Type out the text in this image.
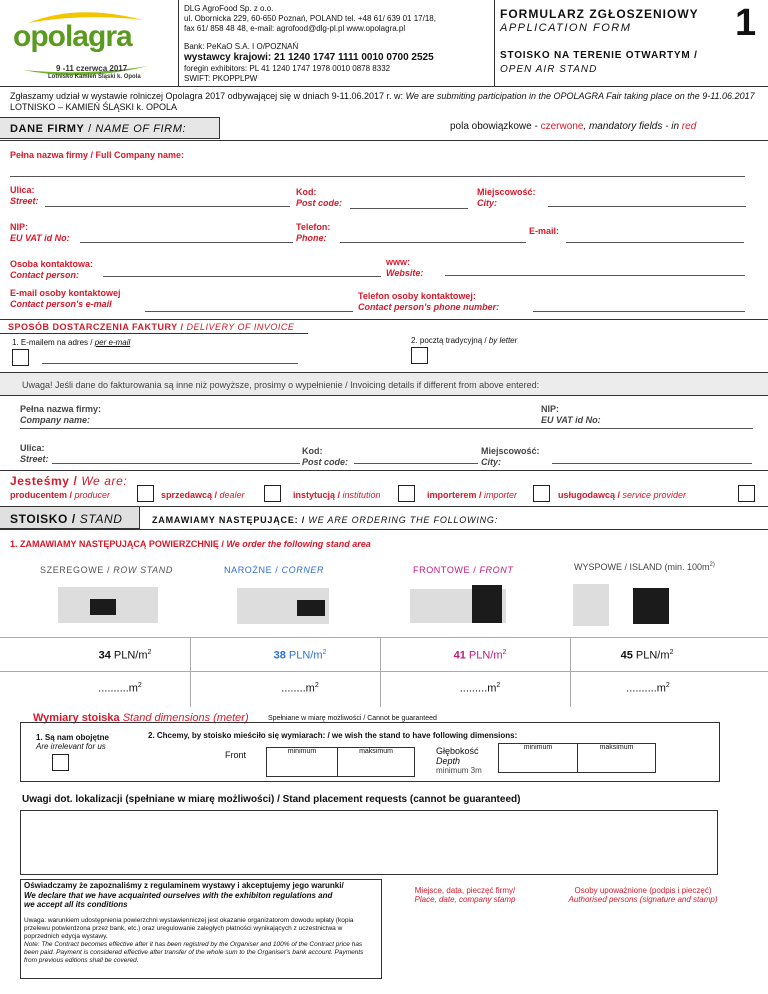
opolagra
9 -11 czerwca 2017
Lotnisko Kamień Śląski k. Opola
DLG AgroFood Sp. z o.o.
ul. Obornicka 229, 60-650 Poznań, POLAND tel. +48 61/ 639 01 17/18,
fax 61/ 858 48 48, e-mail: agrofood@dlg-pl.pl www.opolagra.pl
Bank: PeKaO S.A. I O/POZNAŃ
wystawcy krajowi: 21 1240 1747 1111 0010 0700 2525
foregin exhibitors: PL 41 1240 1747 1978 0010 0878 8332
SWIFT: PKOPPLPW
FORMULARZ ZGŁOSZENIOWY
APPLICATION FORM	1
STOISKO NA TERENIE OTWARTYM /
OPEN AIR STAND
Zgłaszamy udział w wystawie rolniczej Opolagra 2017 odbywającej się w dniach 9-11.06.2017 r. w: We are submiting participation in the OPOLAGRA Fair taking place on the 9-11.06.2017 LOTNISKO – KAMIEŃ ŚLĄSKI k. OPOLA
DANE FIRMY / NAME OF FIRM:	pola obowiązkowe - czerwone, mandatory fields - in red
Pełna nazwa firmy / Full Company name:
Ulica:
Street:
Kod:
Post code:
Miejscowość:
City:
NIP:
EU VAT id No:
Telefon:
Phone:
E-mail:
Osoba kontaktowa:
Contact person:
www:
Website:
E-mail osoby kontaktowej
Contact person's e-mail
Telefon osoby kontaktowej:
Contact person's phone number:
SPOSÓB DOSTARCZENIA FAKTURY / DELIVERY OF INVOICE
1. E-mailem na adres / per e-mail	2. pocztą tradycyjną / by letter
Uwaga! Jeśli dane do fakturowania są inne niż powyższe, prosimy o wypełnienie / Invoicing details if different from above entered:
Pełna nazwa firmy:
Company name:
NIP:
EU VAT id No:
Ulica:
Street:
Kod:
Post code:
Miejscowość:
City:
Jesteśmy / We are:
producentem / producer	sprzedawcą / dealer	instytucją / institution	importerem / importer	usługodawcą / service provider
STOISKO / STAND	ZAMAWIAMY NASTĘPUJĄCE: / WE ARE ORDERING THE FOLLOWING:
1. ZAMAWIAMY NASTĘPUJĄCĄ POWIERZCHNIĘ / We order the following stand area
SZEREGOWE / ROW STAND	NAROŻNE / CORNER	FRONTOWE / FRONT	WYSPOWE / ISLAND (min. $100m^{2)}$
34 PLN/$m^2$	38 PLN/$m^2$	41 PLN/$m^2$	45 PLN/$m^2$
$..........m^2$	$........m^2$	$.........m^2$	$..........m^2$
Wymiary stoiska Stand dimensions (meter)	Spełniane w miarę możliwości / Cannot be guaranteed
1. Są nam obojętne
Are irrelevant for us
2. Chcemy, by stoisko mieściło się wymiarach: / we wish the stand to have following dimensions:
Front	minimum	maksimum	Głębokość
Depth
minimum 3m
minimum	maksimum
Uwagi dot. lokalizacji (spełniane w miarę możliwości) / Stand placement requests (cannot be guaranteed)
Oświadczamy że zapoznaliśmy z regulaminem wystawy i akceptujemy jego warunki/
We declare that we have acquainted ourselves with the exhibiton regulations and we accept all its conditions
Uwaga: warunkiem udostępnienia powierzchni wystawienniczej jest okazanie organizatorom dowodu wpłaty (kopia przelewu potwierdzona przez bank, etc.) oraz uregulowanie zaległych płatności wynikających z uczestnictwa w poprzednich edycja wystawy.
Note: The Contract becomes effective after it has been registred by the Organiser and 100% of the Contract price has been paid. Payment is considered effective after transfer of the whole sum to the Organiser's bank account. Payments from previous editions shall be covered.
Miejsce, data, pieczęć firmy/
Place, date, company stamp
Osoby upoważnione (podpis i pieczęć)
Authorised persons (signature and stamp)
